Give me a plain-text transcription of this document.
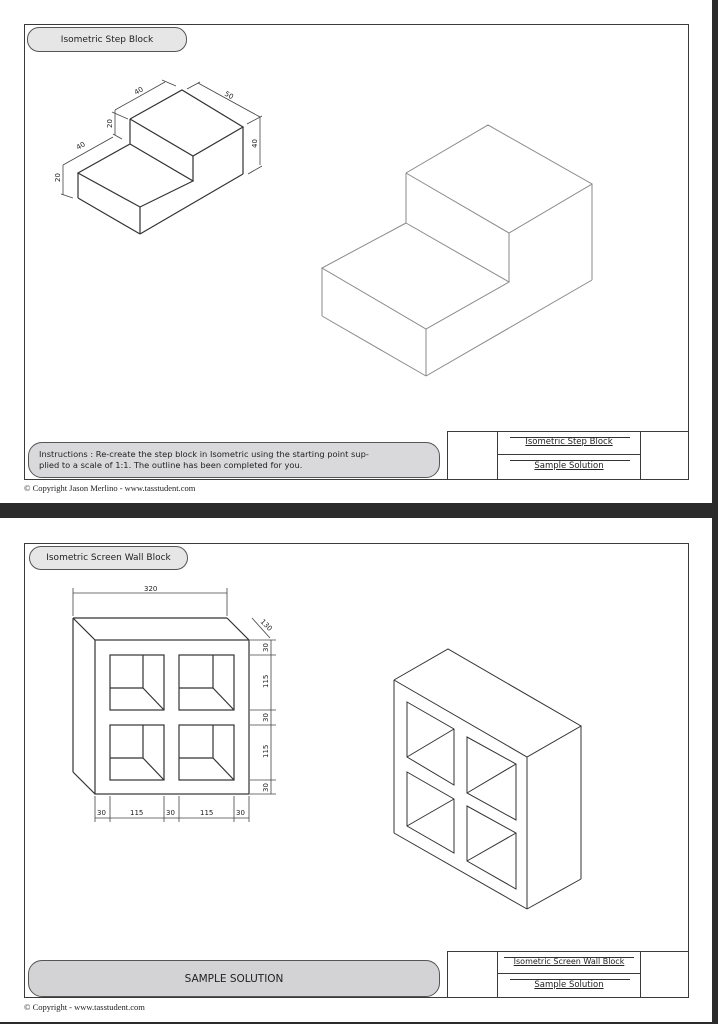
Isometric Step Block
40	50
40
20
40
20
Instructions : Re-create the step block in Isometric using the starting point sup-
plied to a scale of 1:1. The outline has been completed for you.
Isometric Step Block
Sample Solution
© Copyright Jason Merlino - www.tasstudent.com
Isometric Screen Wall Block
320
130
30
115
30
115
30
30	115	30	115	30
SAMPLE SOLUTION
Isometric Screen Wall Block
Sample Solution
© Copyright - www.tasstudent.com
